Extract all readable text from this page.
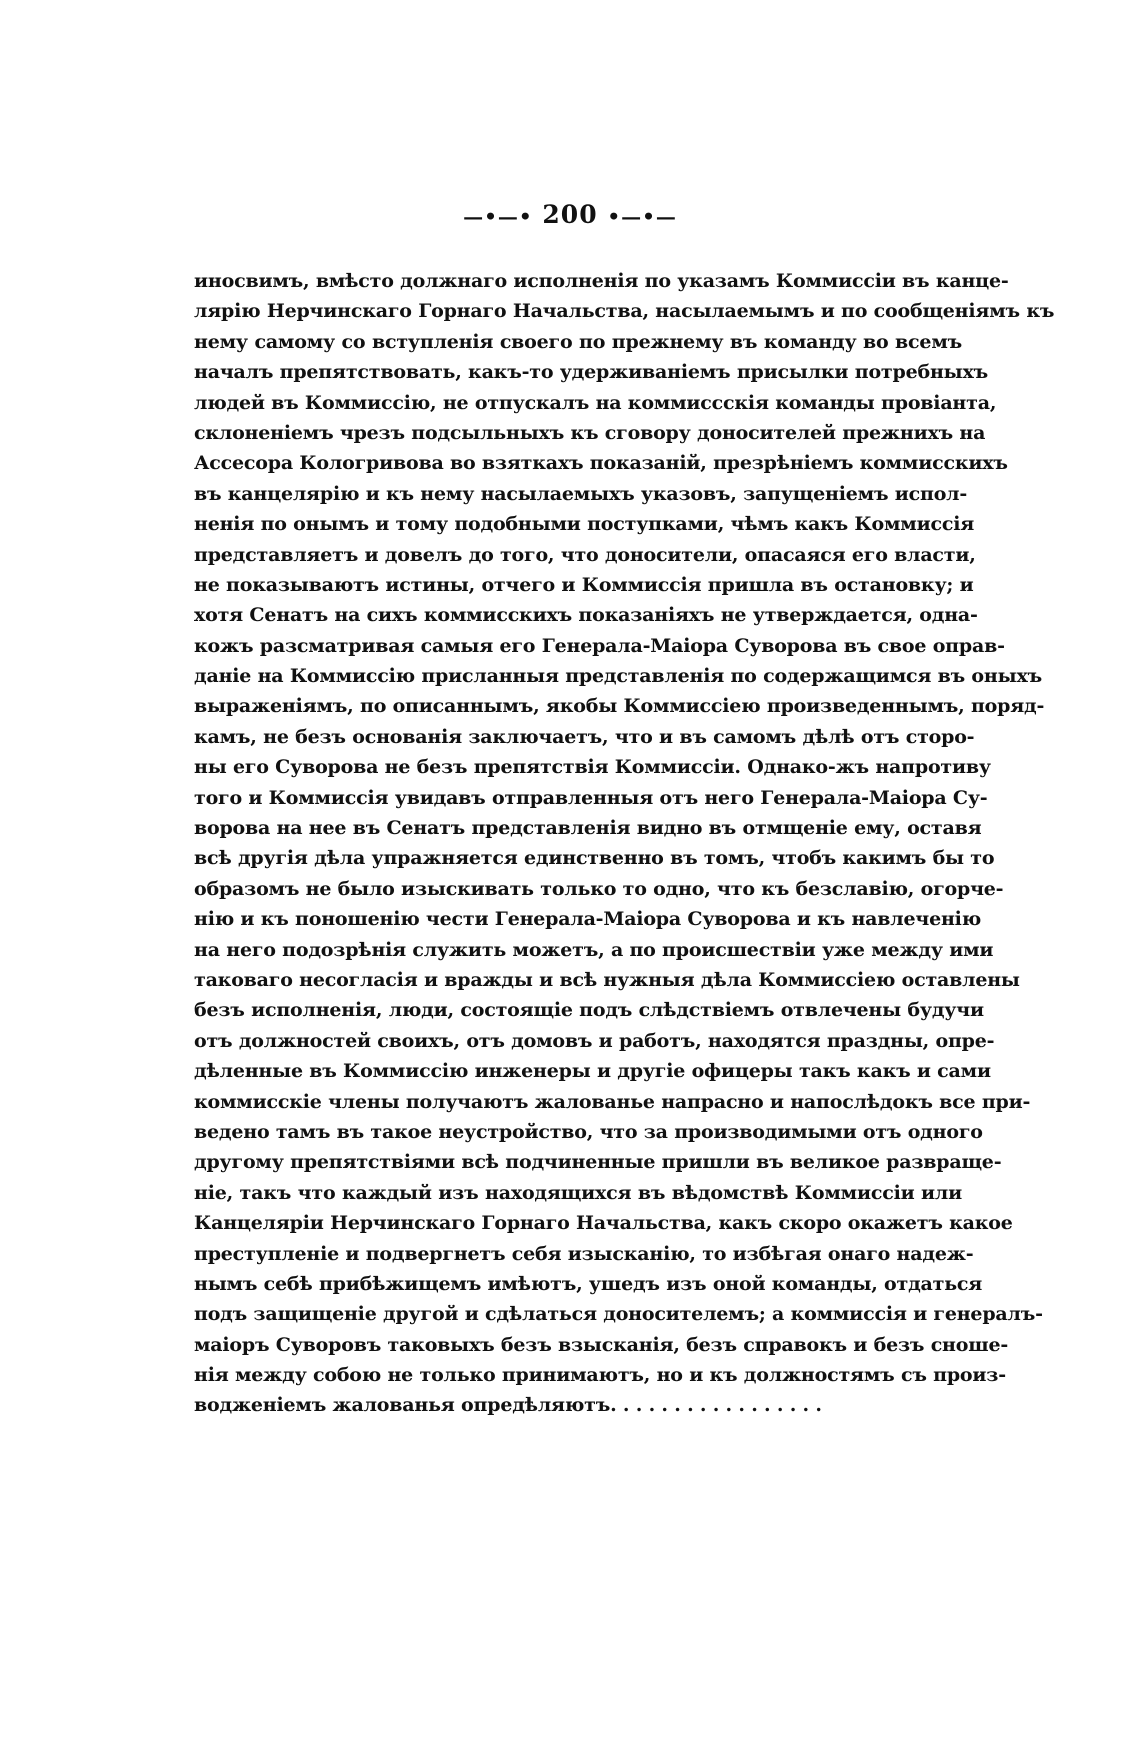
—•—• 200 •—•—
иносвимъ, вмѣсто должнаго исполненія по указамъ Коммиссіи въ канце-
лярію Нерчинскаго Горнаго Начальства, насылаемымъ и по сообщеніямъ къ
нему самому со вступленія своего по прежнему въ команду во всемъ
началъ препятствовать, какъ-то удерживаніемъ присылки потребныхъ
людей въ Коммиссію, не отпускалъ на коммиссскія команды провіанта,
склоненіемъ чрезъ подсыльныхъ къ сговору доносителей прежнихъ на
Ассесора Кологривова во взяткахъ показаній, презрѣніемъ коммисскихъ
въ канцелярію и къ нему насылаемыхъ указовъ, запущеніемъ испол-
ненія по онымъ и тому подобными поступками, чѣмъ какъ Коммиссія
представляетъ и довелъ до того, что доносители, опасаяся его власти,
не показываютъ истины, отчего и Коммиссія пришла въ остановку; и
хотя Сенатъ на сихъ коммисскихъ показаніяхъ не утверждается, одна-
кожъ разсматривая самыя его Генерала-Маіора Суворова въ свое оправ-
даніе на Коммиссію присланныя представленія по содержащимся въ оныхъ
выраженіямъ, по описаннымъ, якобы Коммиссіею произведеннымъ, поряд-
камъ, не безъ основанія заключаетъ, что и въ самомъ дѣлѣ отъ сторо-
ны его Суворова не безъ препятствія Коммиссіи. Однако-жъ напротиву
того и Коммиссія увидавъ отправленныя отъ него Генерала-Маіора Су-
ворова на нее въ Сенатъ представленія видно въ отмщеніе ему, оставя
всѣ другія дѣла упражняется единственно въ томъ, чтобъ какимъ бы то
образомъ не было изыскивать только то одно, что къ безславію, огорче-
нію и къ поношенію чести Генерала-Маіора Суворова и къ навлеченію
на него подозрѣнія служить можетъ, а по происшествіи уже между ими
таковаго несогласія и вражды и всѣ нужныя дѣла Коммиссіею оставлены
безъ исполненія, люди, состоящіе подъ слѣдствіемъ отвлечены будучи
отъ должностей своихъ, отъ домовъ и работъ, находятся праздны, опре-
дѣленные въ Коммиссію инженеры и другіе офицеры такъ какъ и сами
коммисскіе члены получаютъ жалованье напрасно и напослѣдокъ все при-
ведено тамъ въ такое неустройство, что за производимыми отъ одного
другому препятствіями всѣ подчиненные пришли въ великое развраще-
ніе, такъ что каждый изъ находящихся въ вѣдомствѣ Коммиссіи или
Канцеляріи Нерчинскаго Горнаго Начальства, какъ скоро окажетъ какое
преступленіе и подвергнетъ себя изысканію, то избѣгая онаго надеж-
нымъ себѣ прибѣжищемъ имѣютъ, ушедъ изъ оной команды, отдаться
подъ защищеніе другой и сдѣлаться доносителемъ; а коммиссія и генералъ-
маіоръ Суворовъ таковыхъ безъ взысканія, безъ справокъ и безъ сноше-
нія между собою не только принимаютъ, но и къ должностямъ съ произ-
водженіемъ жалованья опредѣляютъ. . . . . . . . . . . . . . . . .
